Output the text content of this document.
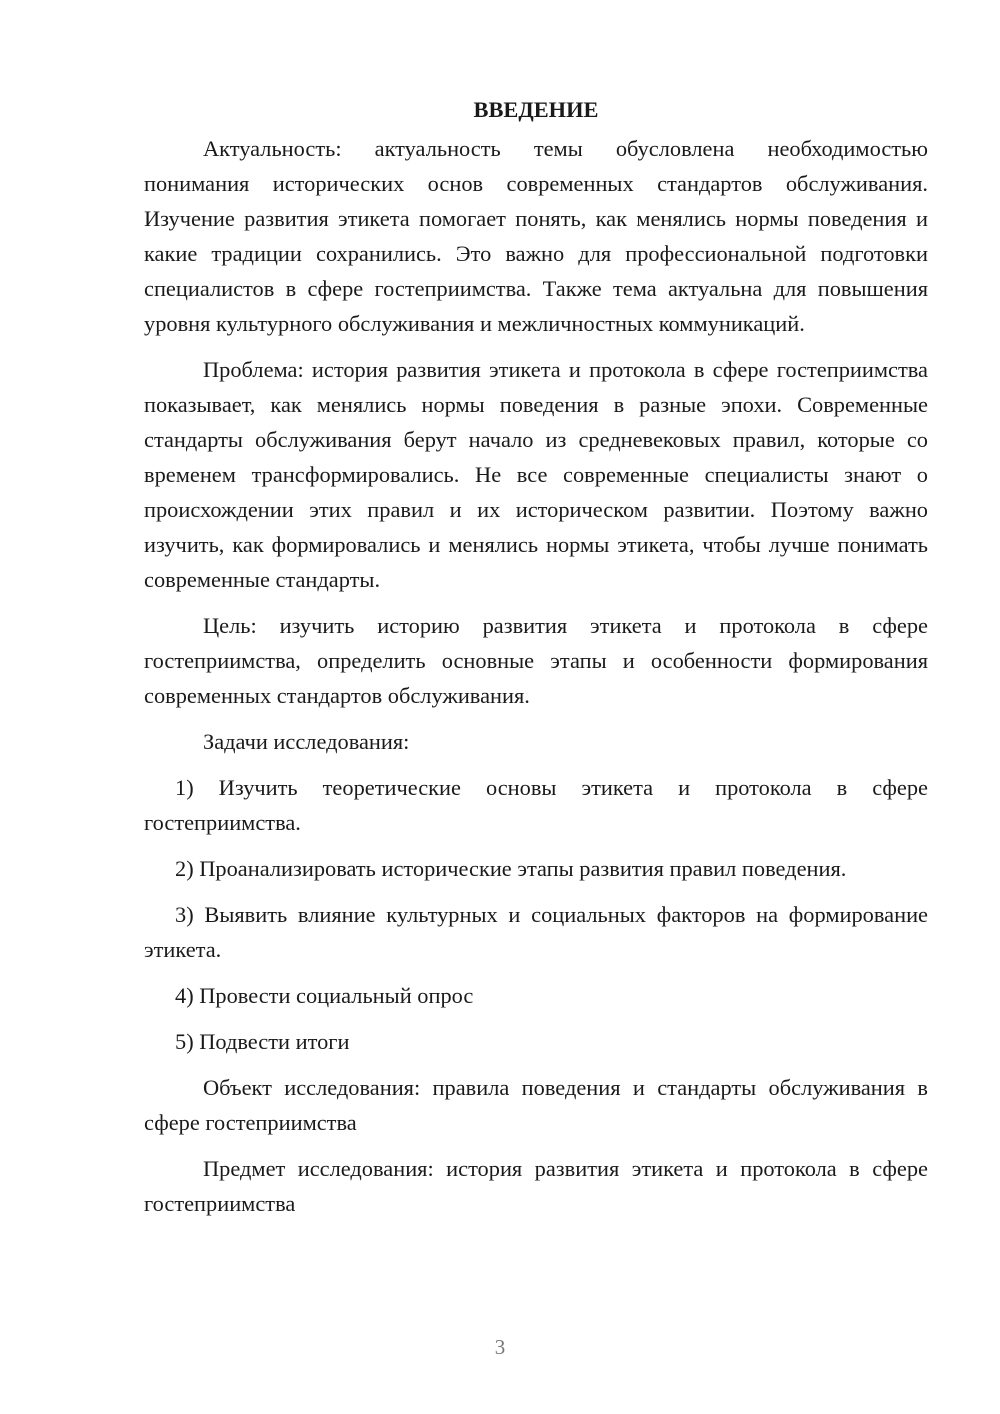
ВВЕДЕНИЕ

Актуальность: актуальность темы обусловлена необходимостью понимания исторических основ современных стандартов обслуживания. Изучение развития этикета помогает понять, как менялись нормы поведения и какие традиции сохранились. Это важно для профессиональной подготовки специалистов в сфере гостеприимства. Также тема актуальна для повышения уровня культурного обслуживания и межличностных коммуникаций.

Проблема: история развития этикета и протокола в сфере гостеприимства показывает, как менялись нормы поведения в разные эпохи. Современные стандарты обслуживания берут начало из средневековых правил, которые со временем трансформировались. Не все современные специалисты знают о происхождении этих правил и их историческом развитии. Поэтому важно изучить, как формировались и менялись нормы этикета, чтобы лучше понимать современные стандарты.

Цель: изучить историю развития этикета и протокола в сфере гостеприимства, определить основные этапы и особенности формирования современных стандартов обслуживания.

Задачи исследования:

1) Изучить теоретические основы этикета и протокола в сфере гостеприимства.

2) Проанализировать исторические этапы развития правил поведения.

3) Выявить влияние культурных и социальных факторов на формирование этикета.

4) Провести социальный опрос

5) Подвести итоги

Объект исследования: правила поведения и стандарты обслуживания в сфере гостеприимства

Предмет исследования: история развития этикета и протокола в сфере гостеприимства

3
